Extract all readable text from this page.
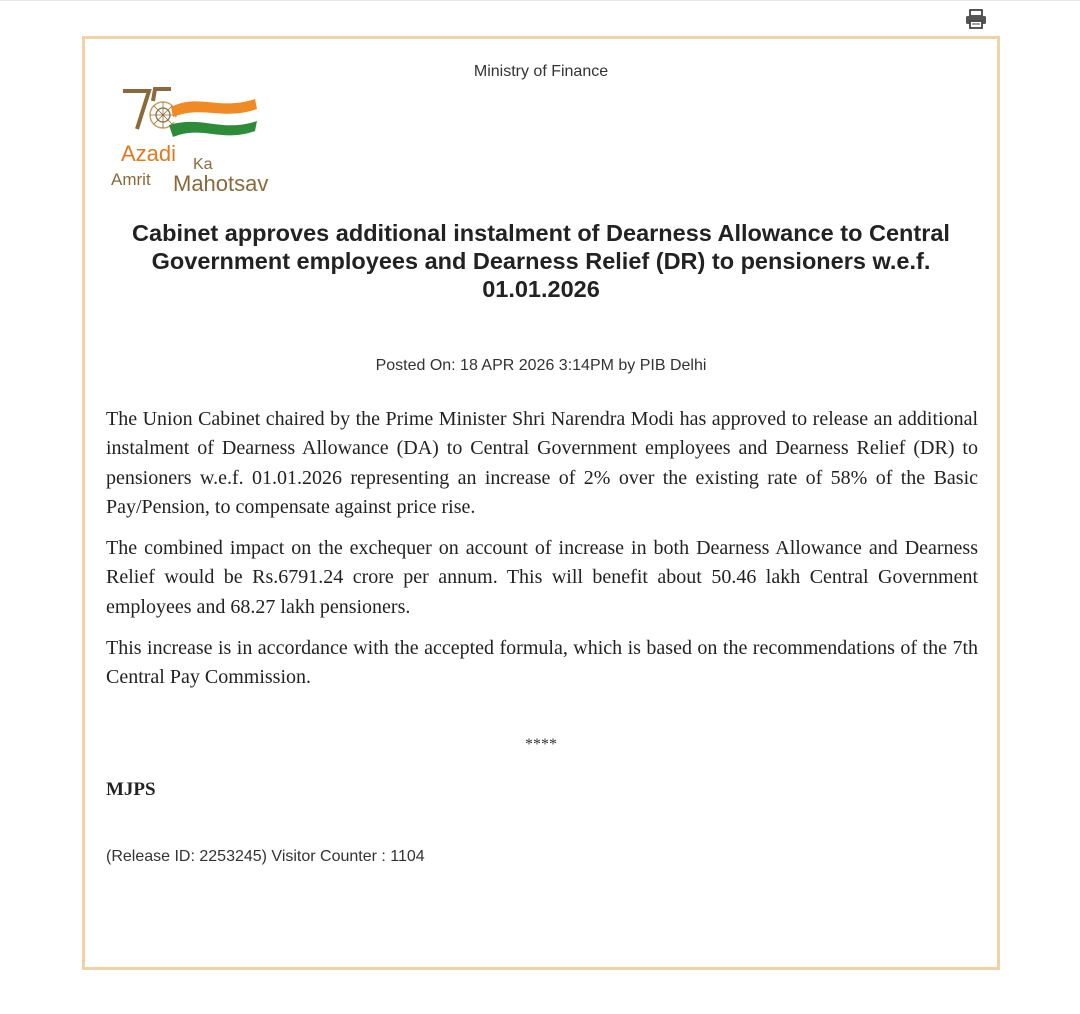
Ministry of Finance
Azadi Ka
Amrit Mahotsav
Cabinet approves additional instalment of Dearness Allowance to Central Government employees and Dearness Relief (DR) to pensioners w.e.f. 01.01.2026
Posted On: 18 APR 2026 3:14PM by PIB Delhi

The Union Cabinet chaired by the Prime Minister Shri Narendra Modi has approved to release an additional instalment of Dearness Allowance (DA) to Central Government employees and Dearness Relief (DR) to pensioners w.e.f. 01.01.2026 representing an increase of 2% over the existing rate of 58% of the Basic Pay/Pension, to compensate against price rise.

The combined impact on the exchequer on account of increase in both Dearness Allowance and Dearness Relief would be Rs.6791.24 crore per annum. This will benefit about 50.46 lakh Central Government employees and 68.27 lakh pensioners.

This increase is in accordance with the accepted formula, which is based on the recommendations of the 7th Central Pay Commission.

****
MJPS
(Release ID: 2253245) Visitor Counter : 1104
